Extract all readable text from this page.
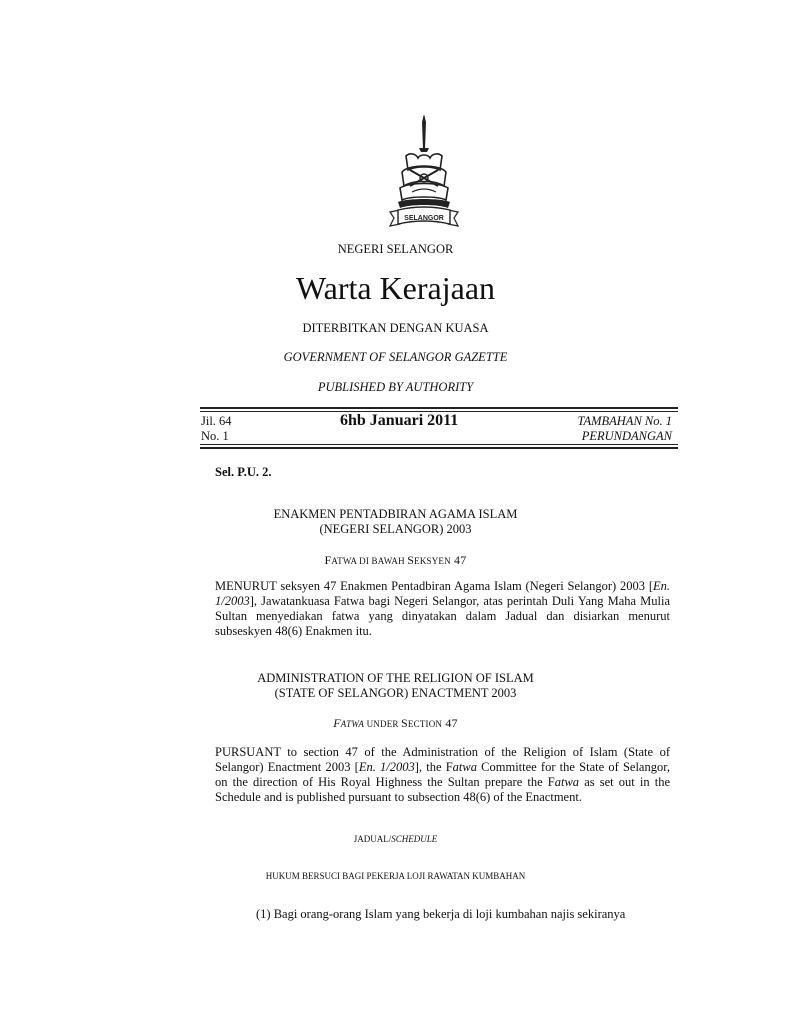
SELANGOR
NEGERI SELANGOR
Warta Kerajaan
DITERBITKAN DENGAN KUASA
GOVERNMENT OF SELANGOR GAZETTE
PUBLISHED BY AUTHORITY
Jil. 64
No. 1
6hb Januari 2011	TAMBAHAN No. 1
PERUNDANGAN
Sel. P.U. 2.
ENAKMEN PENTADBIRAN AGAMA ISLAM
(NEGERI SELANGOR) 2003
FATWA DI BAWAH SEKSYEN 47
MENURUT seksyen 47 Enakmen Pentadbiran Agama Islam (Negeri Selangor) 2003 [En. 1/2003], Jawatankuasa Fatwa bagi Negeri Selangor, atas perintah Duli Yang Maha Mulia Sultan menyediakan fatwa yang dinyatakan dalam Jadual dan disiarkan menurut subseskyen 48(6) Enakmen itu.
ADMINISTRATION OF THE RELIGION OF ISLAM
(STATE OF SELANGOR) ENACTMENT 2003
FATWA UNDER SECTION 47
PURSUANT to section 47 of the Administration of the Religion of Islam (State of Selangor) Enactment 2003 [En. 1/2003], the Fatwa Committee for the State of Selangor, on the direction of His Royal Highness the Sultan prepare the Fatwa as set out in the Schedule and is published pursuant to subsection 48(6) of the Enactment.
JADUAL/SCHEDULE
HUKUM BERSUCI BAGI PEKERJA LOJI RAWATAN KUMBAHAN
(1) Bagi orang-orang Islam yang bekerja di loji kumbahan najis sekiranya
